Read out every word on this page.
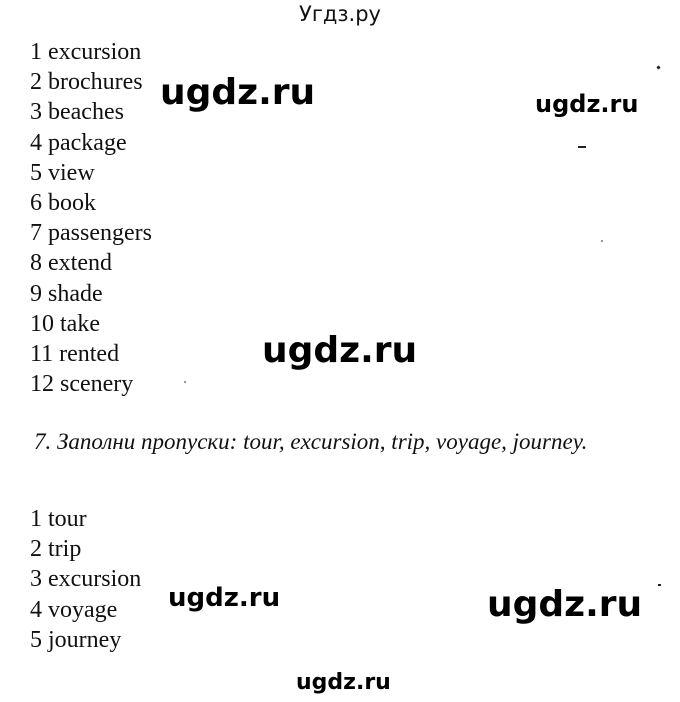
Угдз.ру
1 excursion
2 brochures
3 beaches
4 package
5 view
6 book
7 passengers
8 extend
9 shade
10 take
11 rented
12 scenery
7. Заполни пропуски: tour, excursion, trip, voyage, journey.
1 tour
2 trip
3 excursion
4 voyage
5 journey
ugdz.ru	ugdz.ru
ugdz.ru
ugdz.ru	ugdz.ru
ugdz.ru
